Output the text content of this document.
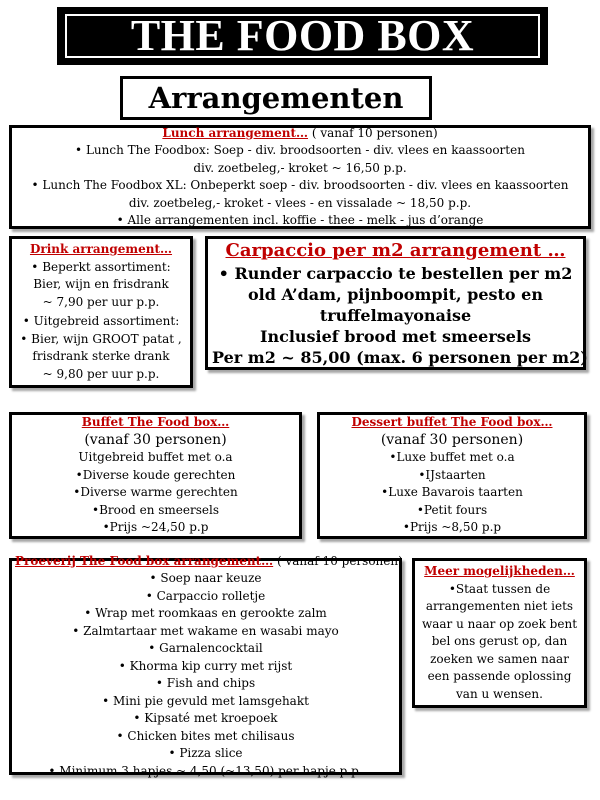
THE FOOD BOX
Arrangementen
Lunch arrangement… ( vanaf 10 personen)
• Lunch The Foodbox: Soep - div. broodsoorten - div. vlees en kaassoorten
div. zoetbeleg,- kroket ~ 16,50 p.p.
• Lunch The Foodbox XL: Onbeperkt soep - div. broodsoorten - div. vlees en kaassoorten
div. zoetbeleg,- kroket - vlees - en vissalade ~ 18,50 p.p.
• Alle arrangementen incl. koffie - thee - melk - jus d’orange
Drink arrangement…
• Beperkt assortiment:
Bier, wijn en frisdrank
~ 7,90 per uur p.p.
• Uitgebreid assortiment:
• Bier, wijn GROOT patat ,
frisdrank sterke drank
~ 9,80 per uur p.p.
Carpaccio per m2 arrangement …
• Runder carpaccio te bestellen per m2
old A’dam, pijnboompit, pesto en
truffelmayonaise
Inclusief brood met smeersels
Per m2 ~ 85,00 (max. 6 personen per m2)
Buffet The Food box…
(vanaf 30 personen)
Uitgebreid buffet met o.a
•Diverse koude gerechten
•Diverse warme gerechten
•Brood en smeersels
•Prijs ~24,50 p.p
Dessert buffet The Food box…
(vanaf 30 personen)
•Luxe buffet met o.a
•IJstaarten
•Luxe Bavarois taarten
•Petit fours
•Prijs ~8,50 p.p
Proeverij The Food box arrangement… ( vanaf 10 personen)
• Soep naar keuze
• Carpaccio rolletje
• Wrap met roomkaas en gerookte zalm
• Zalmtartaar met wakame en wasabi mayo
• Garnalencocktail
• Khorma kip curry met rijst
• Fish and chips
• Mini pie gevuld met lamsgehakt
• Kipsaté met kroepoek
• Chicken bites met chilisaus
• Pizza slice
• Minimum 3 hapjes ~ 4,50 (~13,50) per hapje p.p.
Meer mogelijkheden…
•Staat tussen de
arrangementen niet iets
waar u naar op zoek bent
bel ons gerust op, dan
zoeken we samen naar
een passende oplossing
van u wensen.
